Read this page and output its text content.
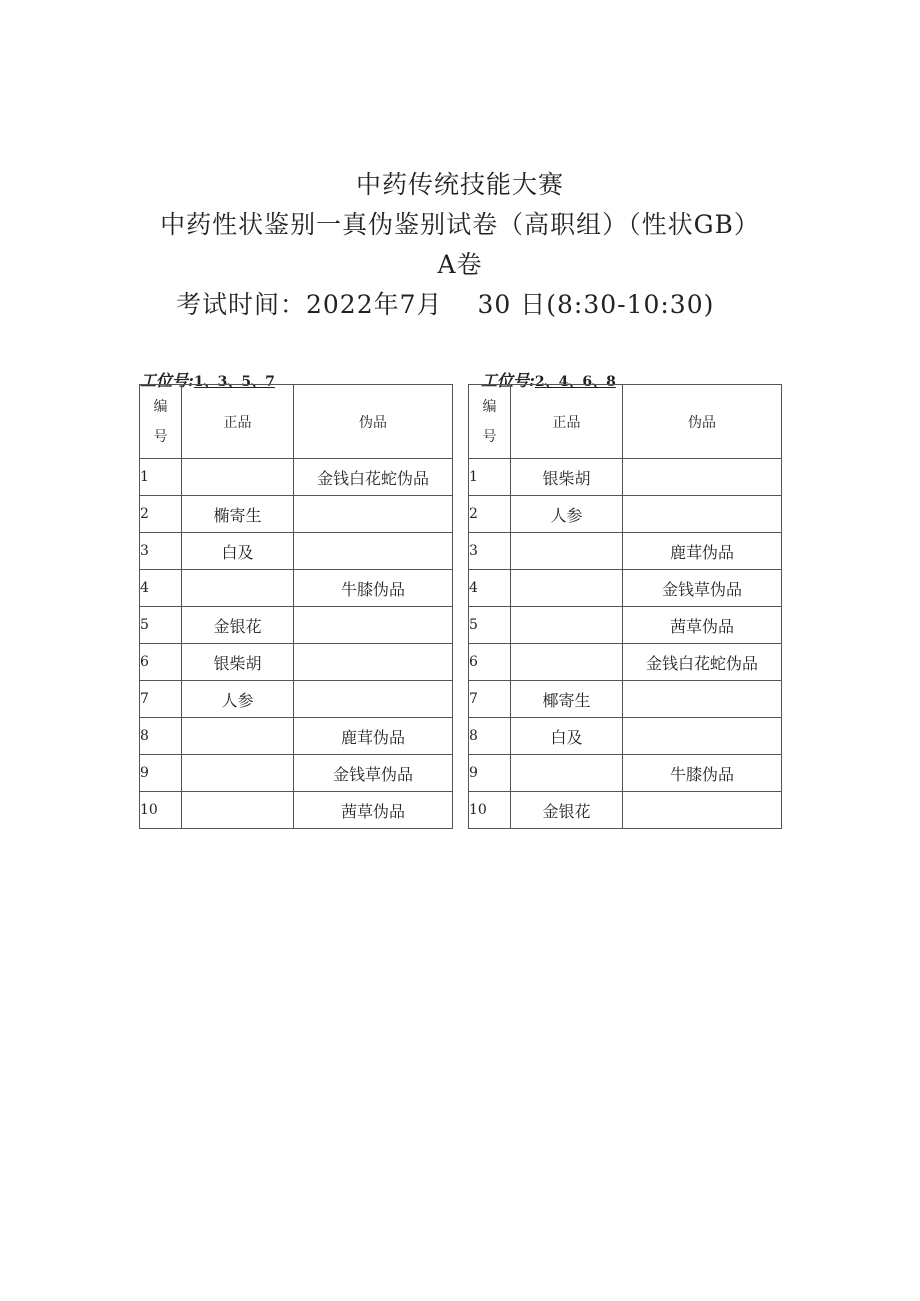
中药传统技能大赛
中药性状鉴别一真伪鉴别试卷（高职组）（性状GB）
A卷
考试时间：2022年7月　 30 日(8:30-10:30)
工位号:1、3、5、7	工位号:2、4、6、8
编
号	正品	伪品
1		金钱白花蛇伪品
2	椭寄生	
3	白及	
4		牛膝伪品
5	金银花	
6	银柴胡	
7	人参	
8		鹿茸伪品
9		金钱草伪品
10		茜草伪品
编
号	正品	伪品
1	银柴胡	
2	人参	
3		鹿茸伪品
4		金钱草伪品
5		茜草伪品
6		金钱白花蛇伪品
7	椰寄生	
8	白及	
9		牛膝伪品
10	金银花	
